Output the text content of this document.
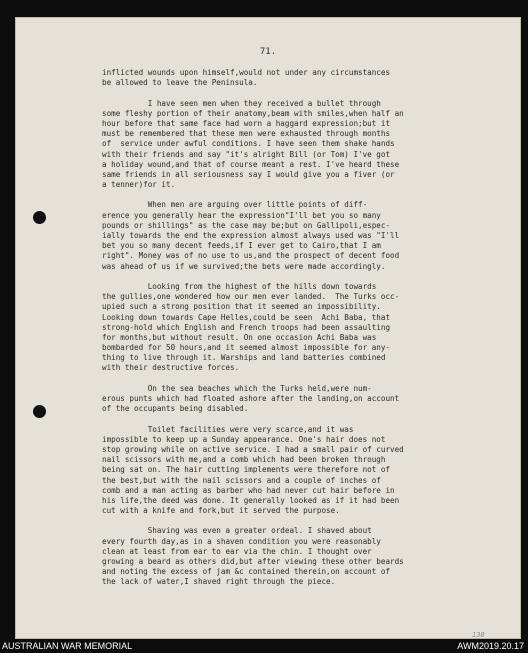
71.
inflicted wounds upon himself,would not under any circumstances
be allowed to leave the Peninsula.
I have seen men when they received a bullet through
some fleshy portion of their anatomy,beam with smiles,when half an
hour before that same face had worn a haggard expression;but it
must be remembered that these men were exhausted through months
of  service under awful conditions. I have seen them shake hands
with their friends and say "it's alright Bill (or Tom) I've got
a holiday wound,and that of course meant a rest. I've heard these
same friends in all seriousness say I would give you a fiver (or
a tenner)for it.
When men are arguing over little points of diff-
erence you generally hear the expression"I'll bet you so many
pounds or shillings" as the case may be;but on Gallipoli,espec-
ially towards the end the expression almost always used was "I'll
bet you so many decent feeds,if I ever get to Cairo,that I am
right". Money was of no use to us,and the prospect of decent food
was ahead of us if we survived;the bets were made accordingly.
Looking from the highest of the hills down towards
the gullies,one wondered how our men ever landed.  The Turks occ-
upied such a strong position that it seemed an impossibility.
Looking down towards Cape Helles,could be seen  Achi Baba, that
strong-hold which English and French troops had been assaulting
for months,but without result. On one occasion Achi Baba was
bombarded for 50 hours,and it seemed almost impossible for any-
thing to live through it. Warships and land batteries combined
with their destructive forces.
On the sea beaches which the Turks held,were num-
erous punts which had floated ashore after the landing,on account
of the occupants being disabled.
Toilet facilities were very scarce,and it was
impossible to keep up a Sunday appearance. One's hair does not
stop growing while on active service. I had a small pair of curved
nail scissors with me,and a comb which had been broken through
being sat on. The hair cutting implements were therefore not of
the best,but with the nail scissors and a couple of inches of
comb and a man acting as barber who had never cut hair before in
his life,the deed was done. It generally looked as if it had been
cut with a knife and fork,but it served the purpose.
Shaving was even a greater ordeal. I shaved about
every fourth day,as in a shaven condition you were reasonably
clean at least from ear to ear via the chin. I thought over
growing a beard as others did,but after viewing these other beards
and noting the excess of jam &c contained therein,on account of
the lack of water,I shaved right through the piece.
130
AUSTRALIAN WAR MEMORIAL	AWM2019.20.17
